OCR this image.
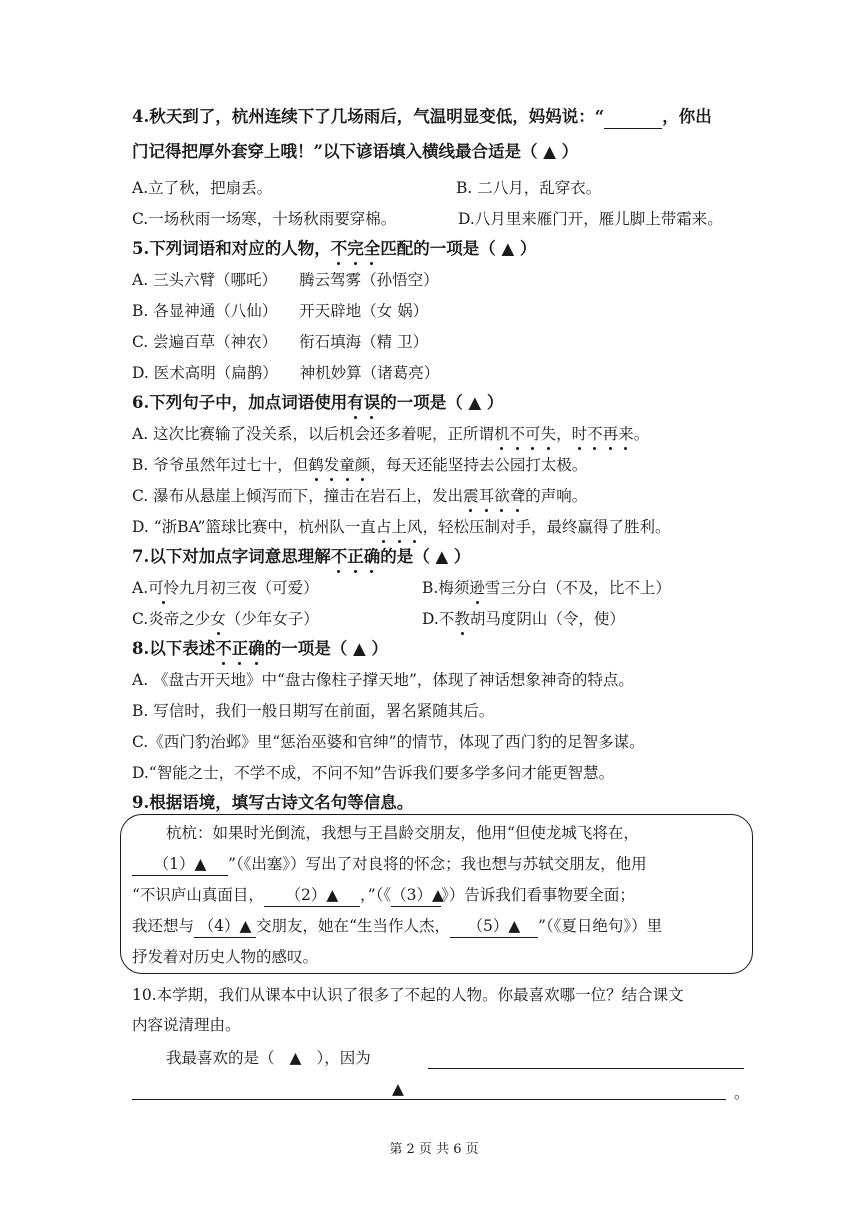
4.秋天到了，杭州连续下了几场雨后，气温明显变低，妈妈说：“	，你出
门记得把厚外套穿上哦！”以下谚语填入横线最合适是（ ▲ ）
A.立了秋，把扇丢。	B. 二八月，乱穿衣。
C.一场秋雨一场寒，十场秋雨要穿棉。	D.八月里来雁门开，雁儿脚上带霜来。
5.下列词语和对应的人物，不完全匹配的一项是（ ▲ ）
A. 三头六臂（哪吒） 腾云驾雾（孙悟空）
B. 各显神通（八仙） 开天辟地（女 娲）
C. 尝遍百草（神农） 衔石填海（精 卫）
D. 医术高明（扁鹊） 神机妙算（诸葛亮）
6.下列句子中，加点词语使用有误的一项是（ ▲ ）
A. 这次比赛输了没关系，以后机会还多着呢，正所谓机不可失，时不再来。
B. 爷爷虽然年过七十，但鹤发童颜，每天还能坚持去公园打太极。
C. 瀑布从悬崖上倾泻而下，撞击在岩石上，发出震耳欲聋的声响。
D. “浙BA”篮球比赛中，杭州队一直占上风，轻松压制对手，最终赢得了胜利。
7.以下对加点字词意思理解不正确的是（ ▲ ）
A.可怜九月初三夜（可爱）	B.梅须逊雪三分白（不及，比不上）
C.炎帝之少女（少年女子）	D.不教胡马度阴山（令，使）
8.以下表述不正确的一项是（ ▲ ）
A. 《盘古开天地》中“盘古像柱子撑天地”，体现了神话想象神奇的特点。
B. 写信时，我们一般日期写在前面，署名紧随其后。
C.《西门豹治邺》里“惩治巫婆和官绅”的情节，体现了西门豹的足智多谋。
D.“智能之士，不学不成，不问不知”告诉我们要多学多问才能更智慧。
9.根据语境，填写古诗文名句等信息。
杭杭：如果时光倒流，我想与王昌龄交朋友，他用“但使龙城飞将在，
（1）▲ ”（《出塞》）写出了对良将的怀念；我也想与苏轼交朋友，他用
“不识庐山真面目， （2）▲ ，”（《（3）▲》）告诉我们看事物要全面；
我还想与 （4）▲ 交朋友，她在“生当作人杰， （5）▲ ”（《夏日绝句》）里
抒发着对历史人物的感叹。
10.本学期，我们从课本中认识了很多了不起的人物。你最喜欢哪一位？结合课文
内容说清理由。
我最喜欢的是（ ▲ ），因为
▲	。
第 2 页 共 6 页
